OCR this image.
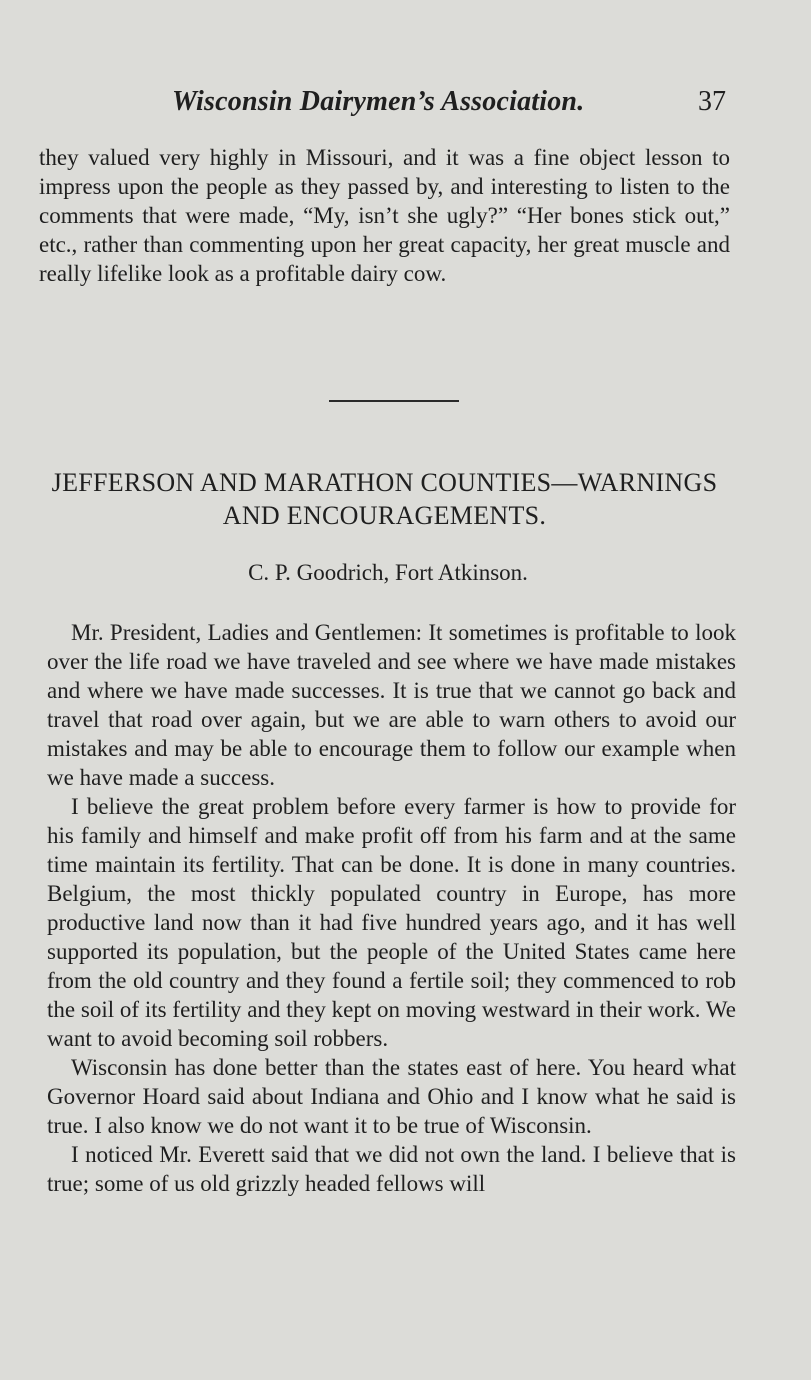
Wisconsin Dairymen’s Association.	37

they valued very highly in Missouri, and it was a fine object lesson to impress upon the people as they passed by, and interesting to listen to the comments that were made, “My, isn’t she ugly?” “Her bones stick out,” etc., rather than commenting upon her great capacity, her great muscle and really lifelike look as a profitable dairy cow.

JEFFERSON AND MARATHON COUNTIES—WARNINGS AND ENCOURAGEMENTS.
C. P. Goodrich, Fort Atkinson.

Mr. President, Ladies and Gentlemen: It sometimes is profitable to look over the life road we have traveled and see where we have made mistakes and where we have made successes. It is true that we cannot go back and travel that road over again, but we are able to warn others to avoid our mistakes and may be able to encourage them to follow our example when we have made a success.

I believe the great problem before every farmer is how to provide for his family and himself and make profit off from his farm and at the same time maintain its fertility. That can be done. It is done in many countries. Belgium, the most thickly populated country in Europe, has more productive land now than it had five hundred years ago, and it has well supported its population, but the people of the United States came here from the old country and they found a fertile soil; they commenced to rob the soil of its fertility and they kept on moving westward in their work. We want to avoid becoming soil robbers.

Wisconsin has done better than the states east of here. You heard what Governor Hoard said about Indiana and Ohio and I know what he said is true. I also know we do not want it to be true of Wisconsin.

I noticed Mr. Everett said that we did not own the land. I believe that is true; some of us old grizzly headed fellows will
